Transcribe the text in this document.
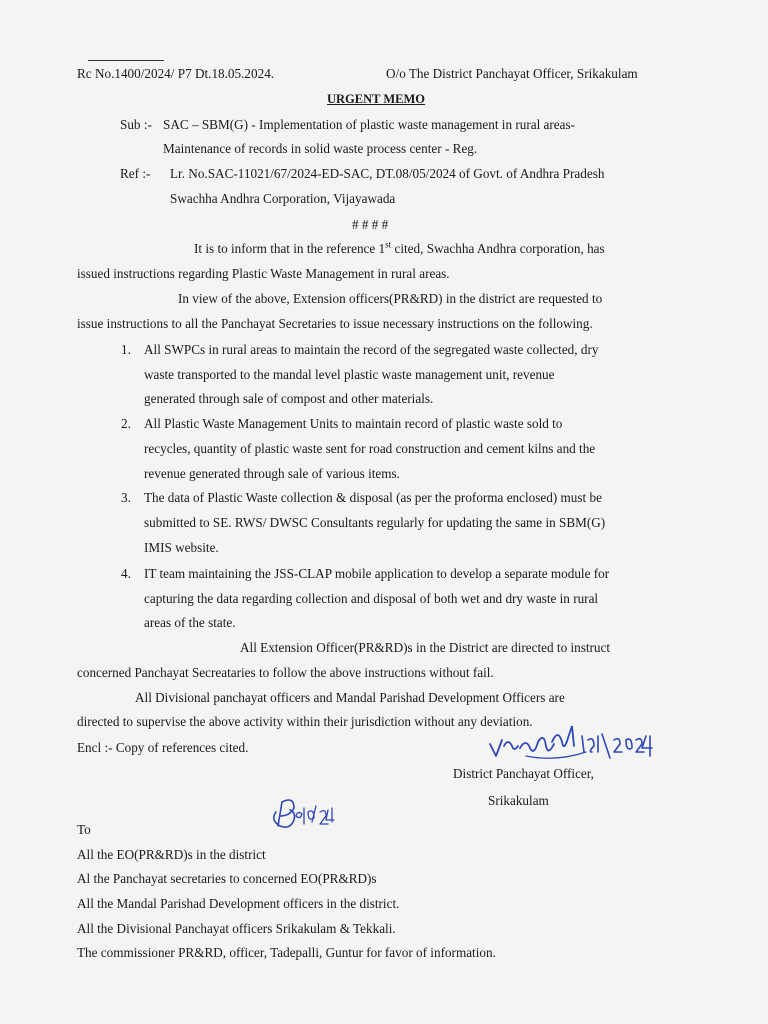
Rc No.1400/2024/ P7 Dt.18.05.2024.	O/o The District Panchayat Officer, Srikakulam
URGENT MEMO
Sub :- SAC – SBM(G) - Implementation of plastic waste management in rural areas-
Maintenance of records in solid waste process center - Reg.
Ref :- Lr. No.SAC-11021/67/2024-ED-SAC, DT.08/05/2024 of Govt. of Andhra Pradesh
Swachha Andhra Corporation, Vijayawada
# # # #
It is to inform that in the reference 1st cited, Swachha Andhra corporation, has
issued instructions regarding Plastic Waste Management in rural areas.
In view of the above, Extension officers(PR&RD) in the district are requested to
issue instructions to all the Panchayat Secretaries to issue necessary instructions on the following.
1. All SWPCs in rural areas to maintain the record of the segregated waste collected, dry
waste transported to the mandal level plastic waste management unit, revenue
generated through sale of compost and other materials.
2. All Plastic Waste Management Units to maintain record of plastic waste sold to
recycles, quantity of plastic waste sent for road construction and cement kilns and the
revenue generated through sale of various items.
3. The data of Plastic Waste collection & disposal (as per the proforma enclosed) must be
submitted to SE. RWS/ DWSC Consultants regularly for updating the same in SBM(G)
IMIS website.
4. IT team maintaining the JSS-CLAP mobile application to develop a separate module for
capturing the data regarding collection and disposal of both wet and dry waste in rural
areas of the state.
All Extension Officer(PR&RD)s in the District are directed to instruct
concerned Panchayat Secreataries to follow the above instructions without fail.
All Divisional panchayat officers and Mandal Parishad Development Officers are
directed to supervise the above activity within their jurisdiction without any deviation.
Encl :- Copy of references cited.
District Panchayat Officer,
Srikakulam
To
All the EO(PR&RD)s in the district
Al the Panchayat secretaries to concerned EO(PR&RD)s
All the Mandal Parishad Development officers in the district.
All the Divisional Panchayat officers Srikakulam & Tekkali.
The commissioner PR&RD, officer, Tadepalli, Guntur for favor of information.
